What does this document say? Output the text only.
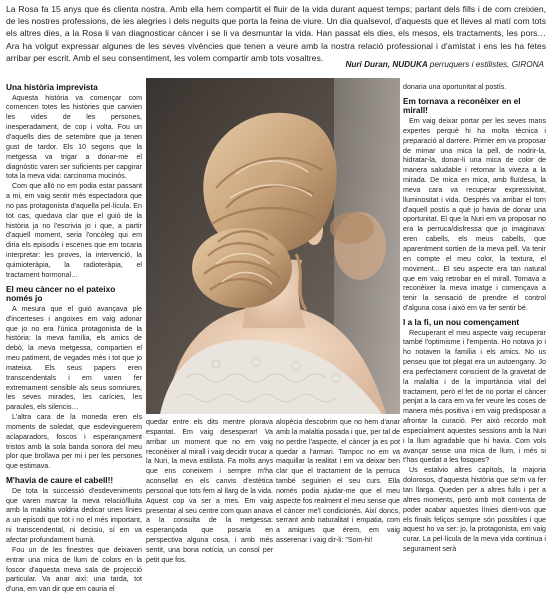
La Rosa fa 15 anys que és clienta nostra. Amb ella hem compartit el fluir de la vida durant aquest temps; parlant dels fills i de com creixien, de les nostres professions, de les alegries i dels neguits que porta la feina de viure. Un dia qualsevol, d'aquests que et lleves al matí com tots els altres dies, a la Rosa li van diagnosticar càncer i se li va desmuntar la vida. Han passat els dies, els mesos, els tractaments, les pors… Ara ha volgut expressar algunes de les seves vivències que tenen a veure amb la nostra relació professional i d'amistat i ens les ha fetes arribar per escrit. Amb el seu consentiment, les volem compartir amb tots vosaltres.
Nuri Duran, NUDUKA perruquers i estilistes, GIRONA
Una història imprevista

Aquesta història va començar com comencen totes les històries que canvien les vides de les persones, inesperadament, de cop i volta. Fou un d'aquells dies de setembre que ja tenen gust de tardor. Els 10 segons que la metgessa va trigar a donar-me el diagnòstic varen ser suficients per capgirar tota la meva vida: carcinoma mucinós.

Com que allò no em podia estar passant a mi, em vaig sentir més espectadora que no pas protagonista d'aquella pel·lícula. En tot cas, quedava clar que el guió de la història ja no l'escrivia jo i que, a partir d'aquell moment, seria l'oncòleg qui em diria els episodis i escenes que em tocaria interpretar: les proves, la intervenció, la quimioteràpia, la radioteràpia, el tractament hormonal…

El meu càncer no el pateixo només jo

A mesura que el guió avançava ple d'incerteses i angoixes em vaig adonar que jo no era l'única protagonista de la història: la meva família, els amics de debò, la meva metgessa, compartien el meu patiment, de vegades més i tot que jo mateixa. Els seus papers eren transcendentals i em varen fer extremament sensible als seus somriures, les seves mirades, les carícies, les paraules, els silencis…

L'altra cara de la moneda eren els moments de soledat, que esdevinguerem aclaparadors, foscos i esperançament tristos amb la sola banda sonora del meu plor que brollava per mi i per les persones que estimava.

M'havia de caure el cabell!!

De tota la successió d'esdeveniments que varen marcar la meva relació/lluita amb la malaltia voldria dedicar unes línies a un episodi que tot i no el més important, ni transcendental, ni decisiu, sí em va afectar profundament humà.

Fou un de les finestres que deixaven entrar una mica de llum de colors en la foscor d'aquesta meva sala de projecció particular. Va anar així: una tarda, tot d'una, em van dir que em cauria el

quedar entre els dits mentre plorava espantat. Em vaig desesperar! Va arribar un moment que no em vaig reconèixer al mirall i vaig decidir trucar a la Nuri, la meva estilista. Fa molts anys que ens coneixem i sempre m'ha aconsellat en els canvis d'estètica personal que tots fem al llarg de la vida. Aquest cop va ser a mes. Em vaig presentar al seu centre com quan anava a la consulta de la metgessa: esperançada que posaria en perspectiva alguna cosa, i amb més sentit, una bona notícia, un consol per petit que fos.

alopècia descobrim que no hem d'anar amb la malaltia posada i que, per tal de no perdre l'aspecte, el càncer ja es pot quedar a l'armari. Tampoc no em va maquillar la realitat i em va deixar ben clar que el tractament de la perruca també seguirien el seu curs. Ella només podia ajudar-me que el meu aspecte fos realment el meu sense que el càncer me'l condicionés. Així doncs, serrant amb naturalitat i empatia, com a amigues que érem, em vaig asserenar i vaig dir-li: "Som-hi!

donaria una oportunitat al postís.

Em tornava a reconèixer en el mirall!

Em vaig deixar portar per les seves mans expertes perquè hi ha molta tècnica i preparació al darrere. Primer em va proposar de mimar una mica la pell, de nodrir-la, hidratar-la, donar-li una mica de color de manera saludable i retornar la viveza a la mirada. De mica en mica, amb fluïdesa, la meva cara va recuperar expressivitat, lluminositat i vida. Després va arribar el torn d'aquell postís a què jo havia de donar una oportunitat. El que la Nuri em va proposar no era la perruca/disfressa que jo imaginava: eren cabells, els meus cabells, que aparentment sortien de la meva pell. Va tenir en compte el meu color, la textura, el moviment... El seu aspecte era tan natural que em vaig retrobar en el mirall. Tornava a reconèixer la meva imatge i començava a tenir la sensació de prendre el control d'alguna cosa i això em va fer sentir bé.

I a la fi, un nou començament

Recuperant el meu aspecte vaig recuperar també l'optimisme i l'empenta. Ho notava jo i ho notaven la família i els amics. No us penseu que tot plegat era un autoengany. Jo era perfectament conscient de la gravetat de la malaltia i de la importància vital del tractament, però el fet de no portar el càncer penjat a la cara em va fer veure les coses de manera més positiva i em vaig predisposar a afrontar la curació. Per això recordo molt especialment aquestes sessions amb la Nuri i la llum agradable que hi havia. Com vols avançar sense una mica de llum, i més si t'has quedat a les fosques?

Us estalvio altres capítols, la majoria dolorosos, d'aquesta història que se'm va fer tan llarga. Queden per a altres fulls i per a altres moments, però amb molt contenta de poder acabar aquestes línies dient-vos que els finals feliços sempre són possibles i que aquest ho va ser: jo, la protagonista, em vaig curar. La pel·lícula de la meva vida continua i segurament serà
